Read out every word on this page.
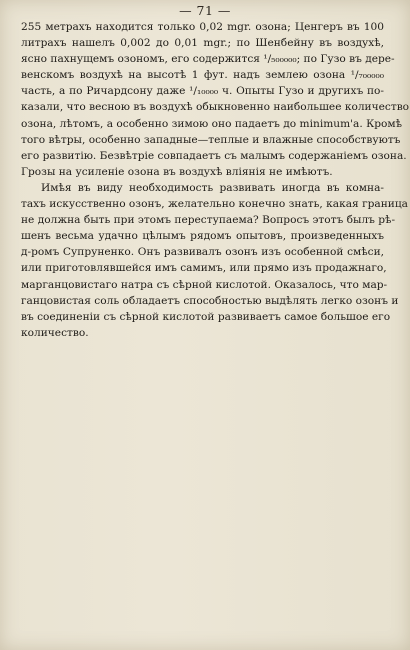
— 71 —
255 метрахъ находится только 0,02 mgr. озона; Ценгеръ въ 100
литрахъ нашелъ 0,002 до 0,01 mgr.; по Шенбейну въ воздухѣ,
ясно пахнущемъ озономъ, его содержится ¹/₅₀₀₀₀₀; по Гузо въ дере-
венскомъ воздухѣ на высотѣ 1 фут. надъ землею озона ¹/₇₀₀₀₀₀
часть, а по Ричардсону даже ¹/₁₀₀₀₀ ч. Опыты Гузо и другихъ по-
казали, что весною въ воздухѣ обыкновенно наибольшее количество
озона, лѣтомъ, а особенно зимою оно падаетъ до minimum'a. Кромѣ
того вѣтры, особенно западные—теплые и влажные способствуютъ
его развитію. Безвѣтріе совпадаетъ съ малымъ содержаніемъ озона.
Грозы на усиленіе озона въ воздухѣ вліянія не имѣютъ.
Имѣя въ виду необходимость развивать иногда въ комна-
тахъ искусственно озонъ, желательно конечно знать, какая граница
не должна быть при этомъ переступаема? Вопросъ этотъ былъ рѣ-
шенъ весьма удачно цѣлымъ рядомъ опытовъ, произведенныхъ
д-ромъ Супруненко. Онъ развивалъ озонъ изъ особенной смѣси,
или приготовлявшейся имъ самимъ, или прямо изъ продажнаго,
марганцовистаго натра съ сѣрной кислотой. Оказалось, что мар-
ганцовистая соль обладаетъ способностью выдѣлять легко озонъ и
въ соединеніи съ сѣрной кислотой развиваетъ самое большое его
количество.
